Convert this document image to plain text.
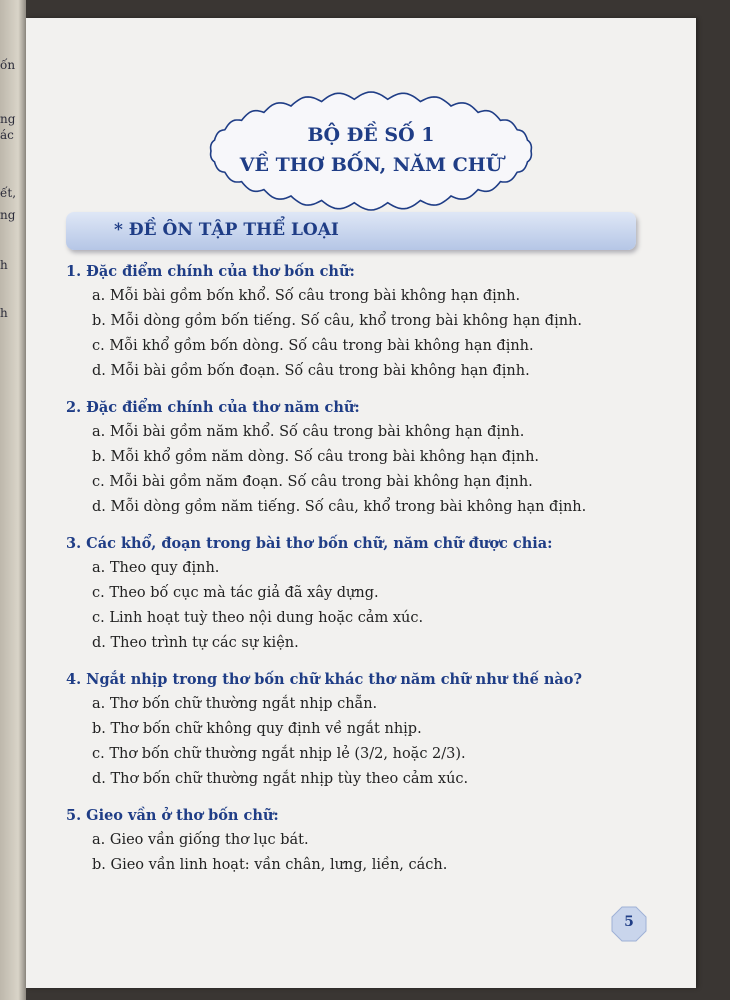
ốn
ng
ác
ết,
ng
h
h
BỘ ĐỀ SỐ 1
VỀ THƠ BỐN, NĂM CHỮ
* ĐỀ ÔN TẬP THỂ LOẠI
1. Đặc điểm chính của thơ bốn chữ:
a. Mỗi bài gồm bốn khổ. Số câu trong bài không hạn định.
b. Mỗi dòng gồm bốn tiếng. Số câu, khổ trong bài không hạn định.
c. Mỗi khổ gồm bốn dòng. Số câu trong bài không hạn định.
d. Mỗi bài gồm bốn đoạn. Số câu trong bài không hạn định.
2. Đặc điểm chính của thơ năm chữ:
a. Mỗi bài gồm năm khổ. Số câu trong bài không hạn định.
b. Mỗi khổ gồm năm dòng. Số câu trong bài không hạn định.
c. Mỗi bài gồm năm đoạn. Số câu trong bài không hạn định.
d. Mỗi dòng gồm năm tiếng. Số câu, khổ trong bài không hạn định.
3. Các khổ, đoạn trong bài thơ bốn chữ, năm chữ được chia:
a. Theo quy định.
c. Theo bố cục mà tác giả đã xây dựng.
c. Linh hoạt tuỳ theo nội dung hoặc cảm xúc.
d. Theo trình tự các sự kiện.
4. Ngắt nhịp trong thơ bốn chữ khác thơ năm chữ như thế nào?
a. Thơ bốn chữ thường ngắt nhịp chẵn.
b. Thơ bốn chữ không quy định về ngắt nhịp.
c. Thơ bốn chữ thường ngắt nhịp lẻ (3/2, hoặc 2/3).
d. Thơ bốn chữ thường ngắt nhịp tùy theo cảm xúc.
5. Gieo vần ở thơ bốn chữ:
a. Gieo vần giống thơ lục bát.
b. Gieo vần linh hoạt: vần chân, lưng, liền, cách.
5
